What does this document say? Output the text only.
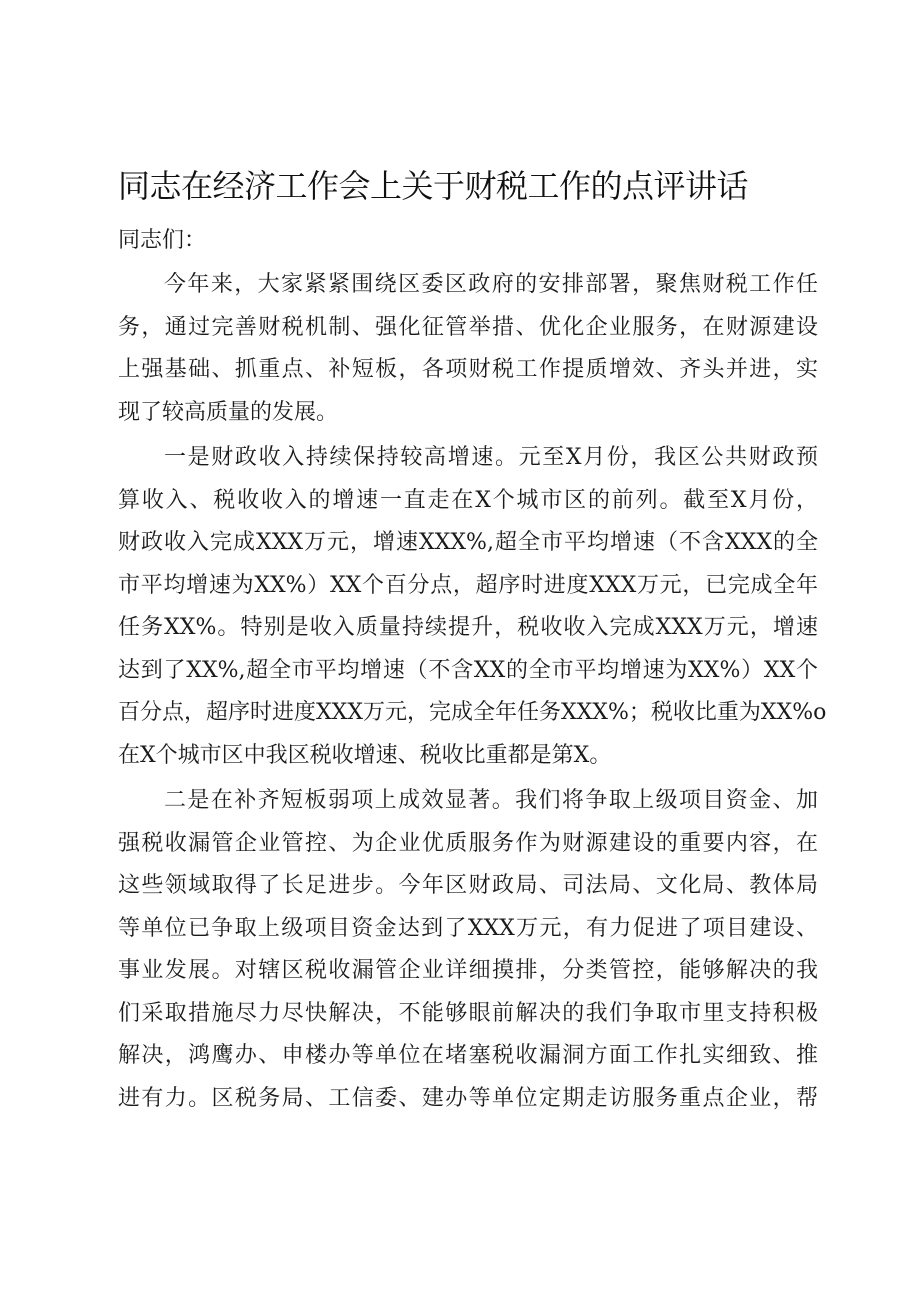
同志在经济工作会上关于财税工作的点评讲话
同志们：
今年来，大家紧紧围绕区委区政府的安排部署，聚焦财税工作任
务，通过完善财税机制、强化征管举措、优化企业服务，在财源建设
上强基础、抓重点、补短板，各项财税工作提质增效、齐头并进，实
现了较高质量的发展。
一是财政收入持续保持较高增速。元至X月份，我区公共财政预
算收入、税收收入的增速一直走在X个城市区的前列。截至X月份，
财政收入完成XXX万元，增速XXX%,超全市平均增速（不含XXX的全
市平均增速为XX%）XX个百分点，超序时进度XXX万元，已完成全年
任务XX%。特别是收入质量持续提升，税收收入完成XXX万元，增速
达到了XX%,超全市平均增速（不含XX的全市平均增速为XX%）XX个
百分点，超序时进度XXX万元，完成全年任务XXX%；税收比重为XX%o
在X个城市区中我区税收增速、税收比重都是第X。
二是在补齐短板弱项上成效显著。我们将争取上级项目资金、加
强税收漏管企业管控、为企业优质服务作为财源建设的重要内容，在
这些领域取得了长足进步。今年区财政局、司法局、文化局、教体局
等单位已争取上级项目资金达到了XXX万元，有力促进了项目建设、
事业发展。对辖区税收漏管企业详细摸排，分类管控，能够解决的我
们采取措施尽力尽快解决，不能够眼前解决的我们争取市里支持积极
解决，鸿鹰办、申楼办等单位在堵塞税收漏洞方面工作扎实细致、推
进有力。区税务局、工信委、建办等单位定期走访服务重点企业，帮
